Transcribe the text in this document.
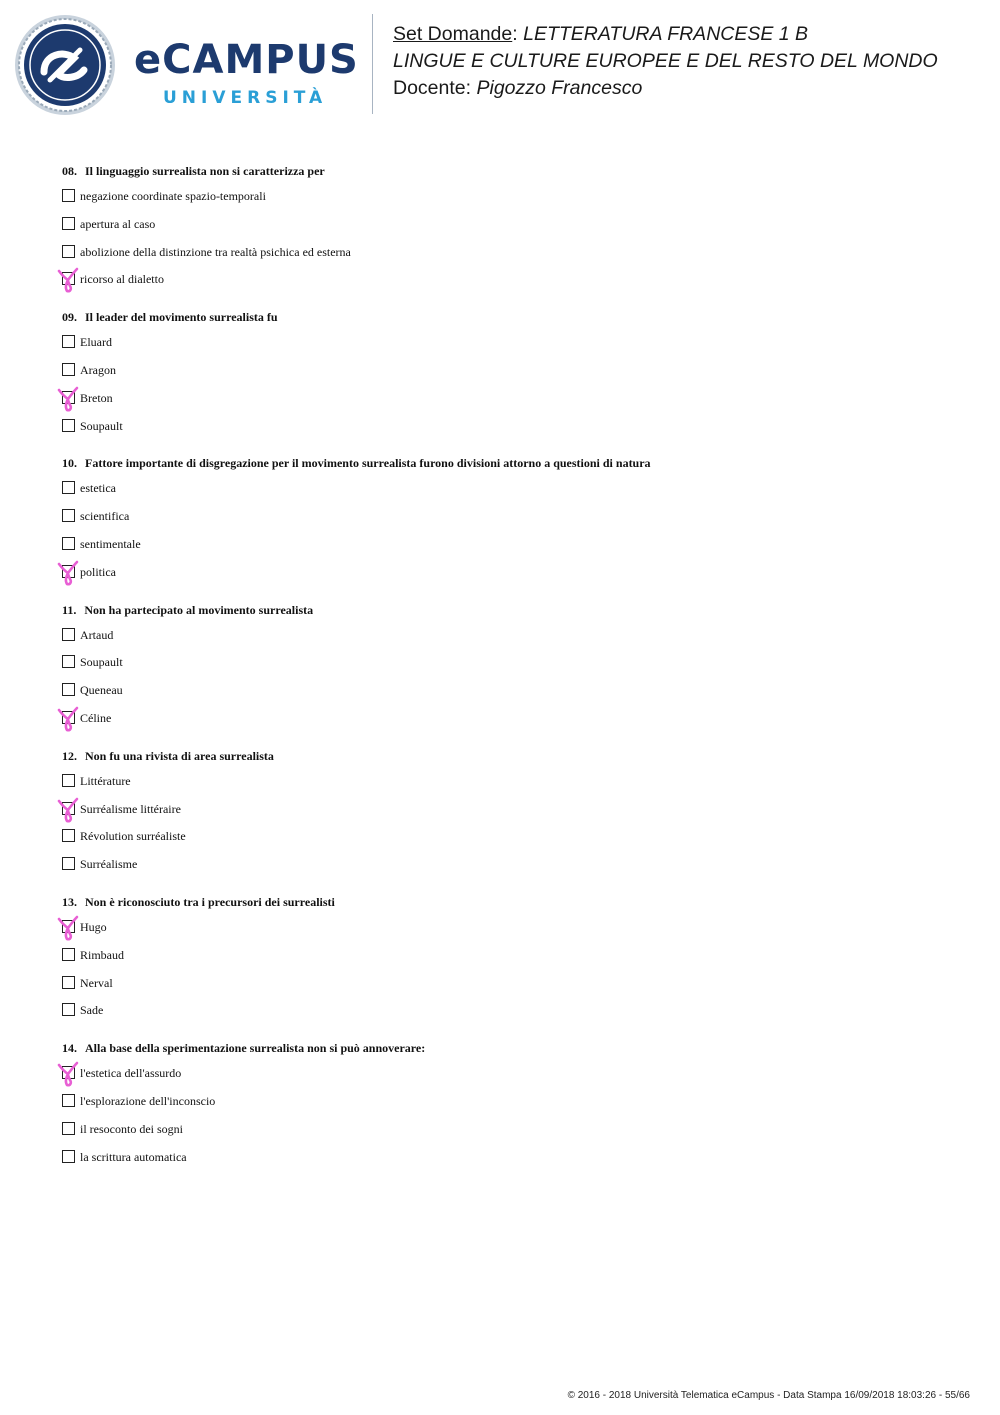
eCAMPUS
UNIVERSITÀ
Set Domande: LETTERATURA FRANCESE 1 B
LINGUE E CULTURE EUROPEE E DEL RESTO DEL MONDO
Docente: Pigozzo Francesco
08. Il linguaggio surrealista non si caratterizza per
negazione coordinate spazio-temporali
apertura al caso
abolizione della distinzione tra realtà psichica ed esterna
ricorso al dialetto
09. Il leader del movimento surrealista fu
Eluard
Aragon
Breton
Soupault
10. Fattore importante di disgregazione per il movimento surrealista furono divisioni attorno a questioni di natura
estetica
scientifica
sentimentale
politica
11. Non ha partecipato al movimento surrealista
Artaud
Soupault
Queneau
Céline
12. Non fu una rivista di area surrealista
Littérature
Surréalisme littéraire
Révolution surréaliste
Surréalisme
13. Non è riconosciuto tra i precursori dei surrealisti
Hugo
Rimbaud
Nerval
Sade
14. Alla base della sperimentazione surrealista non si può annoverare:
l'estetica dell'assurdo
l'esplorazione dell'inconscio
il resoconto dei sogni
la scrittura automatica
© 2016 - 2018 Università Telematica eCampus - Data Stampa 16/09/2018 18:03:26 - 55/66
